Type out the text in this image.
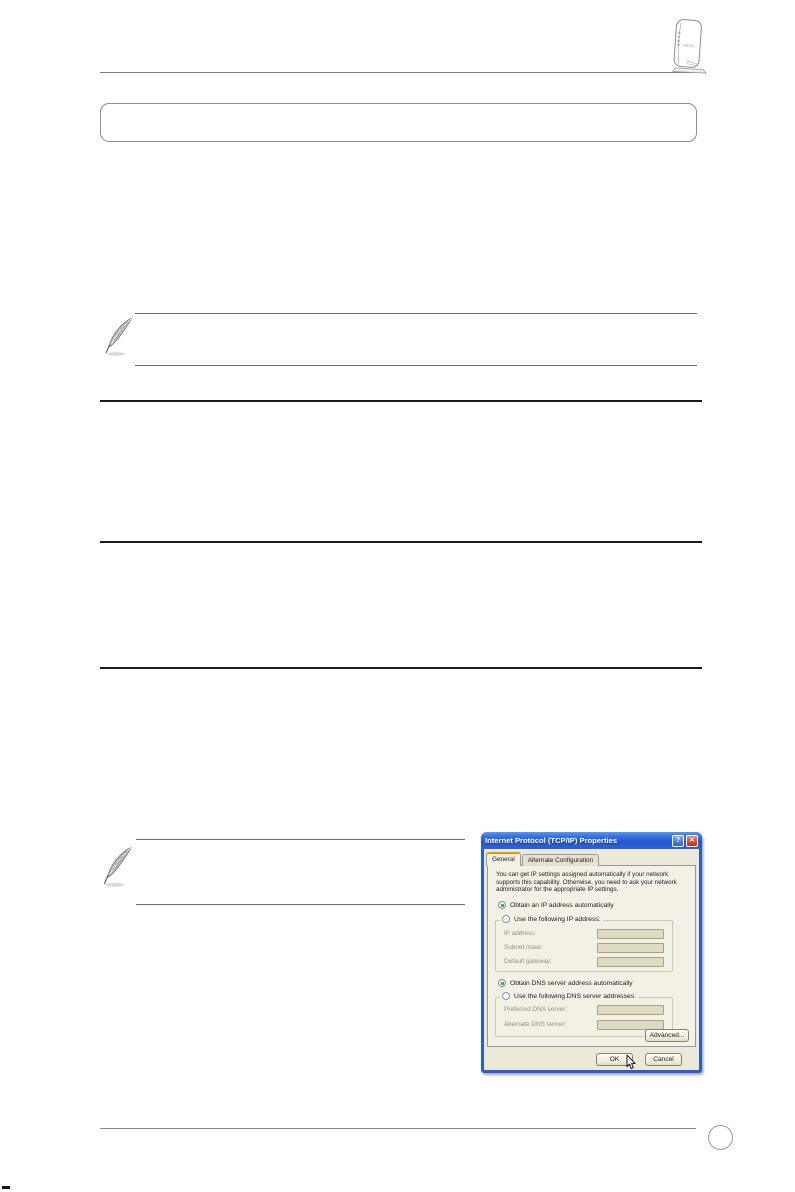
ASUS
Internet Protocol (TCP/IP) Properties	?	✕
General	Alternate Configuration
You can get IP settings assigned automatically if your network supports this capability. Otherwise, you need to ask your network administrator for the appropriate IP settings.
Obtain an IP address automatically
Use the following IP address:
IP address:
Subnet mask:
Default gateway:
Obtain DNS server address automatically
Use the following DNS server addresses:
Preferred DNS server:
Alternate DNS server:
Advanced...
OK	Cancel
